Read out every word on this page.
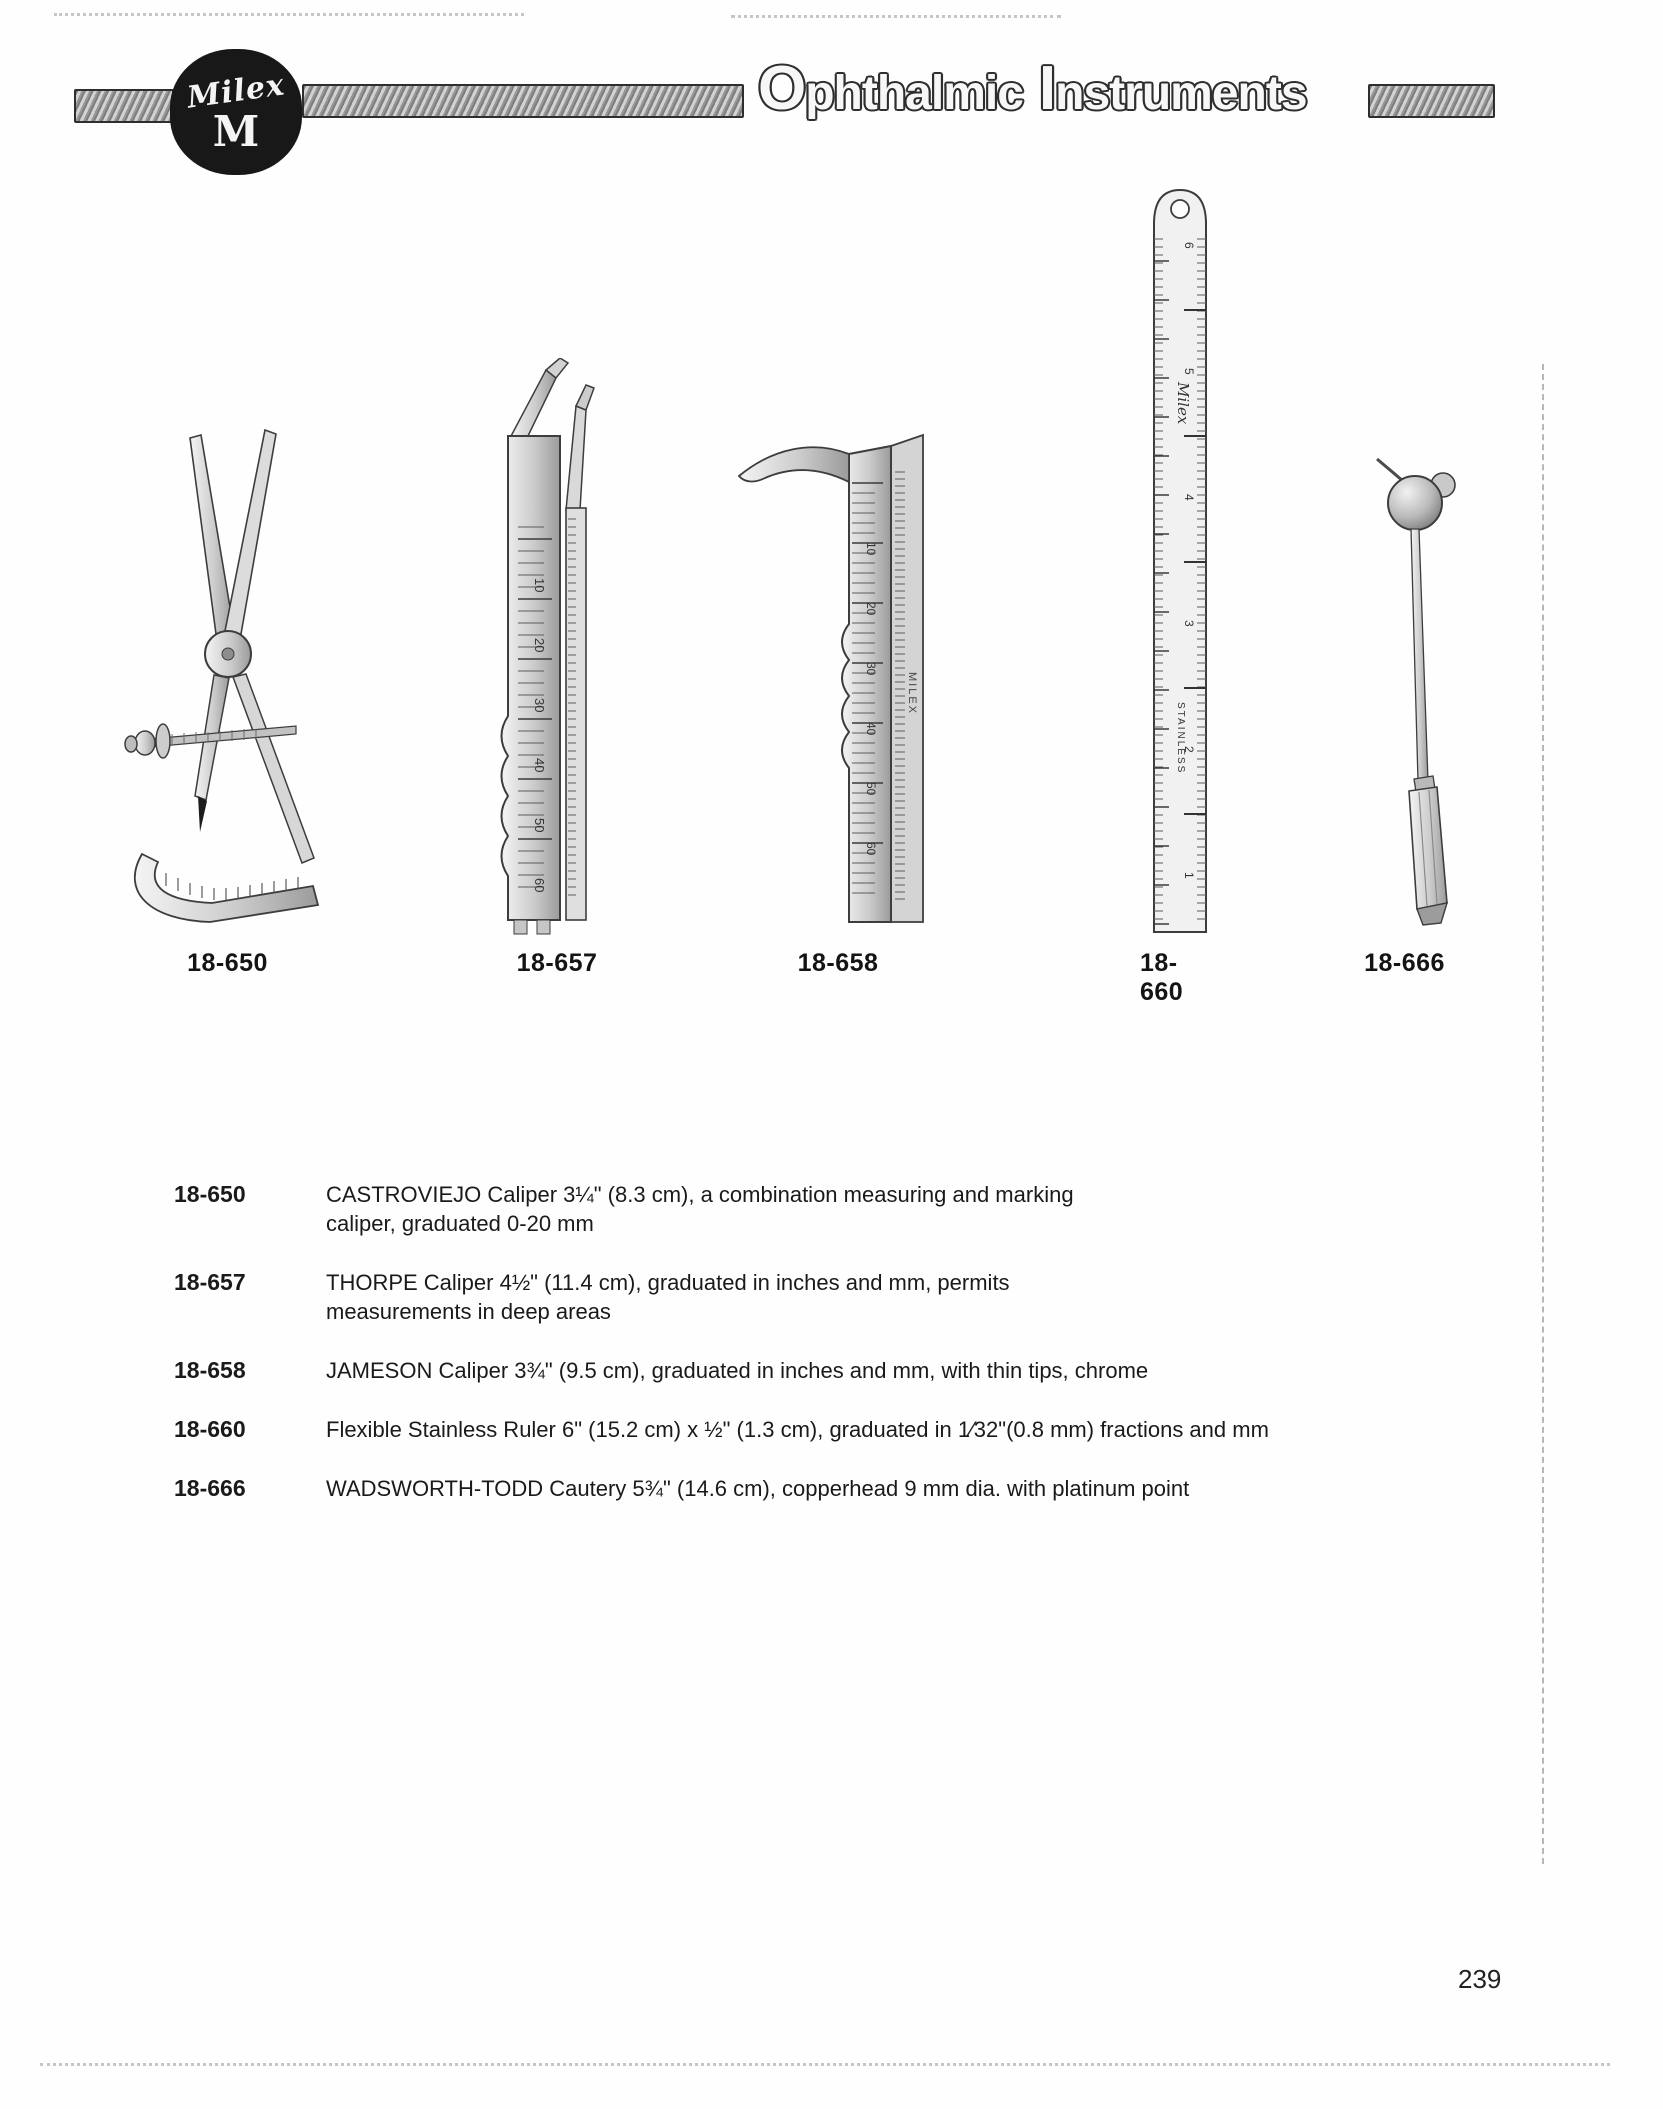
Milex
M
Ophthalmic Instruments
18-650
10
20
30
40
50
60
18-657
10
20
30
40
50
60
MILEX
18-658
6
5
4
3
2
1
Milex
STAINLESS
18-660
18-666
18-650	CASTROVIEJO Caliper 3¼" (8.3 cm), a combination measuring and marking
caliper, graduated 0-20 mm
18-657	THORPE Caliper 4½" (11.4 cm), graduated in inches and mm, permits
measurements in deep areas
18-658	JAMESON Caliper 3¾" (9.5 cm), graduated in inches and mm, with thin tips, chrome
18-660	Flexible Stainless Ruler 6" (15.2 cm) x ½" (1.3 cm), graduated in 1⁄32"(0.8 mm) fractions and mm
18-666	WADSWORTH-TODD Cautery 5¾" (14.6 cm), copperhead 9 mm dia. with platinum point
239
